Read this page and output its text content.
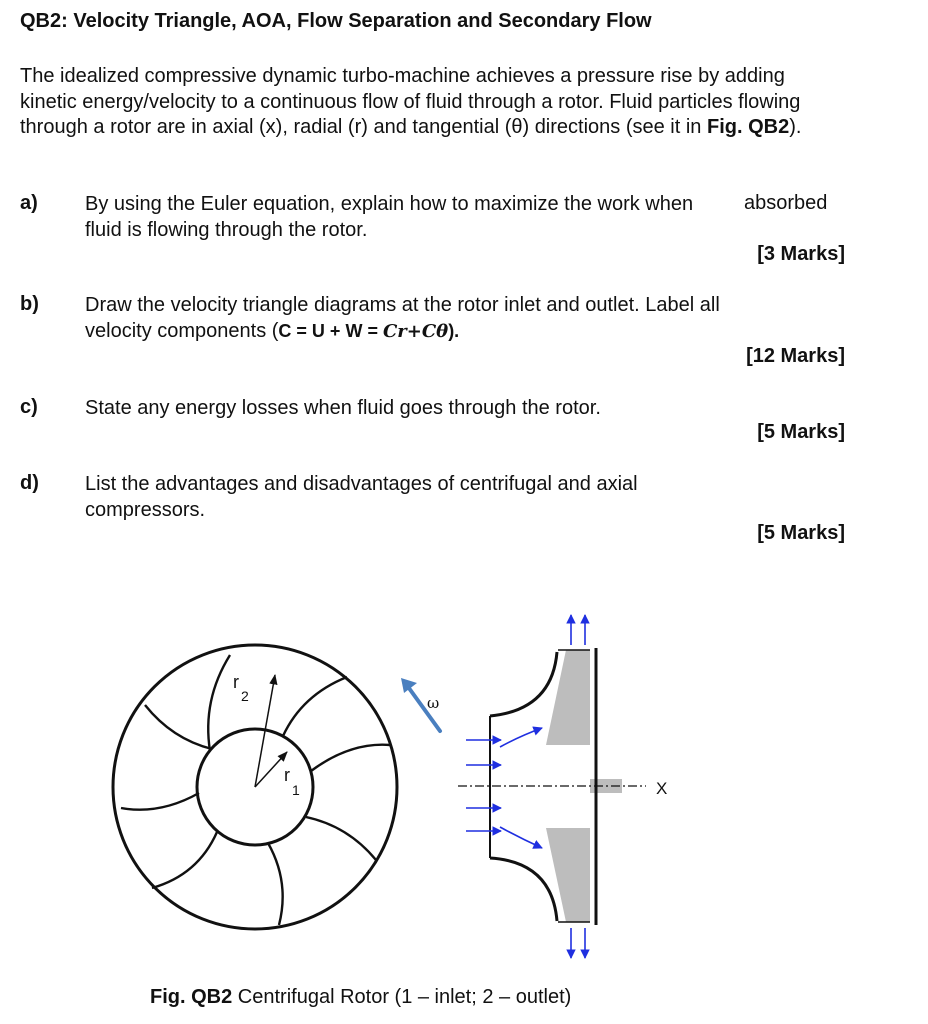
QB2: Velocity Triangle, AOA, Flow Separation and Secondary Flow

The idealized compressive dynamic turbo-machine achieves a pressure rise by adding kinetic energy/velocity to a continuous flow of fluid through a rotor. Fluid particles flowing through a rotor are in axial (x), radial (r) and tangential (θ) directions (see it in Fig. QB2).

a) By using the Euler equation, explain how to maximize the work when fluid is flowing through the rotor.

absorbed
[3 Marks]
b) Draw the velocity triangle diagrams at the rotor inlet and outlet. Label all velocity components (C = U + W = Cr+Cθ).

[12 Marks]
c) State any energy losses when fluid goes through the rotor.

[5 Marks]
d) List the advantages and disadvantages of centrifugal and axial compressors.

[5 Marks]
r
2
r
1
ω
X
Fig. QB2 Centrifugal Rotor (1 – inlet; 2 – outlet)
